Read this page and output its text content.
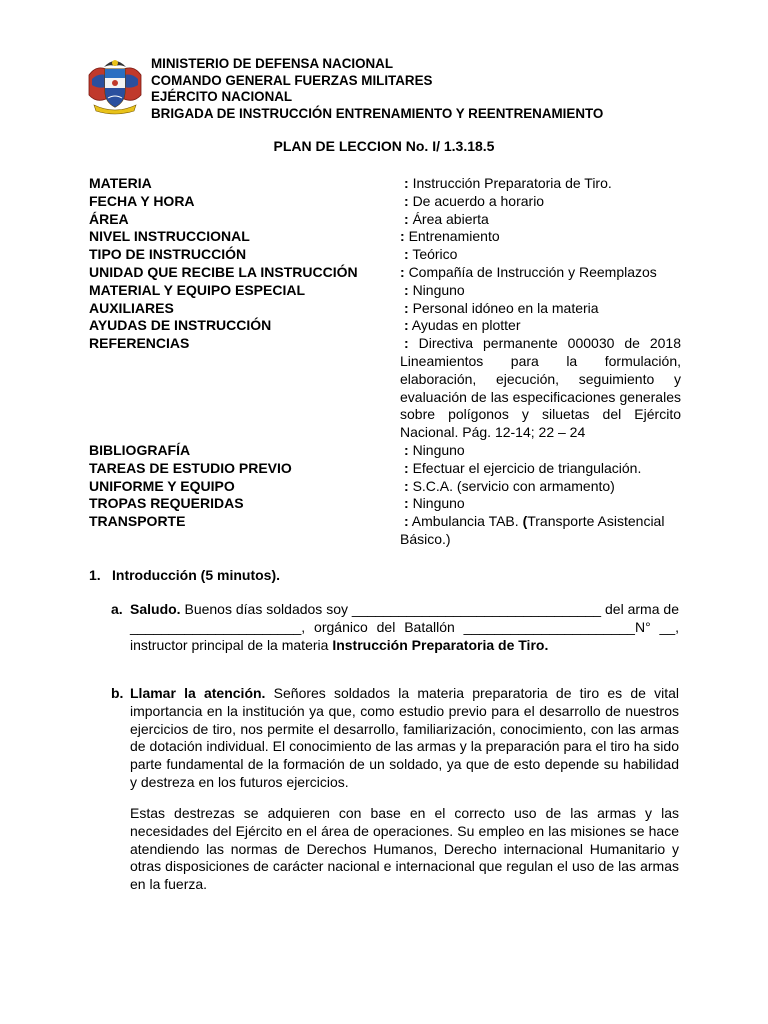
MINISTERIO DE DEFENSA NACIONAL
COMANDO GENERAL FUERZAS MILITARES
EJÉRCITO NACIONAL
BRIGADA DE INSTRUCCIÓN ENTRENAMIENTO Y REENTRENAMIENTO
PLAN DE LECCION No. I/ 1.3.18.5
MATERIA	: Instrucción Preparatoria de Tiro.
FECHA Y HORA	: De acuerdo a horario
ÁREA	: Área abierta
NIVEL INSTRUCCIONAL	: Entrenamiento
TIPO DE INSTRUCCIÓN	: Teórico
UNIDAD QUE RECIBE LA INSTRUCCIÓN	: Compañía de Instrucción y Reemplazos
MATERIAL Y EQUIPO ESPECIAL	: Ninguno
AUXILIARES	: Personal idóneo en la materia
AYUDAS DE INSTRUCCIÓN	: Ayudas en plotter
REFERENCIAS	: Directiva permanente 000030 de 2018 Lineamientos para la formulación, elaboración, ejecución, seguimiento y evaluación de las especificaciones generales sobre polígonos y siluetas del Ejército Nacional. Pág. 12-14; 22 – 24
BIBLIOGRAFÍA	: Ninguno
TAREAS DE ESTUDIO PREVIO	: Efectuar el ejercicio de triangulación.
UNIFORME Y EQUIPO	: S.C.A. (servicio con armamento)
TROPAS REQUERIDAS	: Ninguno
TRANSPORTE	: Ambulancia TAB. (Transporte Asistencial Básico.)
1. Introducción (5 minutos).
a. Saludo. Buenos días soldados soy ________________________________ del arma de ______________________, orgánico del Batallón ______________________N° __, instructor principal de la materia Instrucción Preparatoria de Tiro.
b. Llamar la atención. Señores soldados la materia preparatoria de tiro es de vital importancia en la institución ya que, como estudio previo para el desarrollo de nuestros ejercicios de tiro, nos permite el desarrollo, familiarización, conocimiento, con las armas de dotación individual. El conocimiento de las armas y la preparación para el tiro ha sido parte fundamental de la formación de un soldado, ya que de esto depende su habilidad y destreza en los futuros ejercicios.
Estas destrezas se adquieren con base en el correcto uso de las armas y las necesidades del Ejército en el área de operaciones. Su empleo en las misiones se hace atendiendo las normas de Derechos Humanos, Derecho internacional Humanitario y otras disposiciones de carácter nacional e internacional que regulan el uso de las armas en la fuerza.
